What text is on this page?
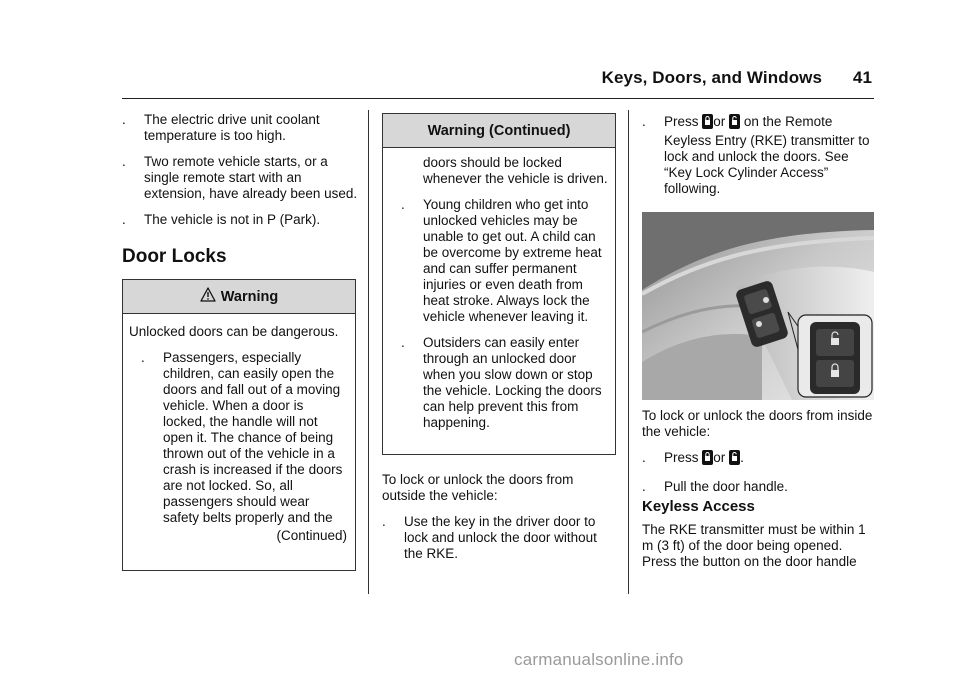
Keys, Doors, and Windows 41
.	The electric drive unit coolant temperature is too high.
.	Two remote vehicle starts, or a single remote start with an extension, have already been used.
.	The vehicle is not in P (Park).
Door Locks
Warning
Unlocked doors can be dangerous.
.	Passengers, especially children, can easily open the doors and fall out of a moving vehicle. When a door is locked, the handle will not open it. The chance of being thrown out of the vehicle in a crash is increased if the doors are not locked. So, all passengers should wear safety belts properly and the
(Continued)
Warning (Continued)
doors should be locked whenever the vehicle is driven.
.	Young children who get into unlocked vehicles may be unable to get out. A child can be overcome by extreme heat and can suffer permanent injuries or even death from heat stroke. Always lock the vehicle whenever leaving it.
.	Outsiders can easily enter through an unlocked door when you slow down or stop the vehicle. Locking the doors can help prevent this from happening.
To lock or unlock the doors from outside the vehicle:
.	Use the key in the driver door to lock and unlock the door without the RKE.
.	Press or on the Remote Keyless Entry (RKE) transmitter to lock and unlock the doors. See “Key Lock Cylinder Access” following.
To lock or unlock the doors from inside the vehicle:
.	Press or .
.	Pull the door handle.
Keyless Access
The RKE transmitter must be within 1 m (3 ft) of the door being opened. Press the button on the door handle
carmanualsonline.info
